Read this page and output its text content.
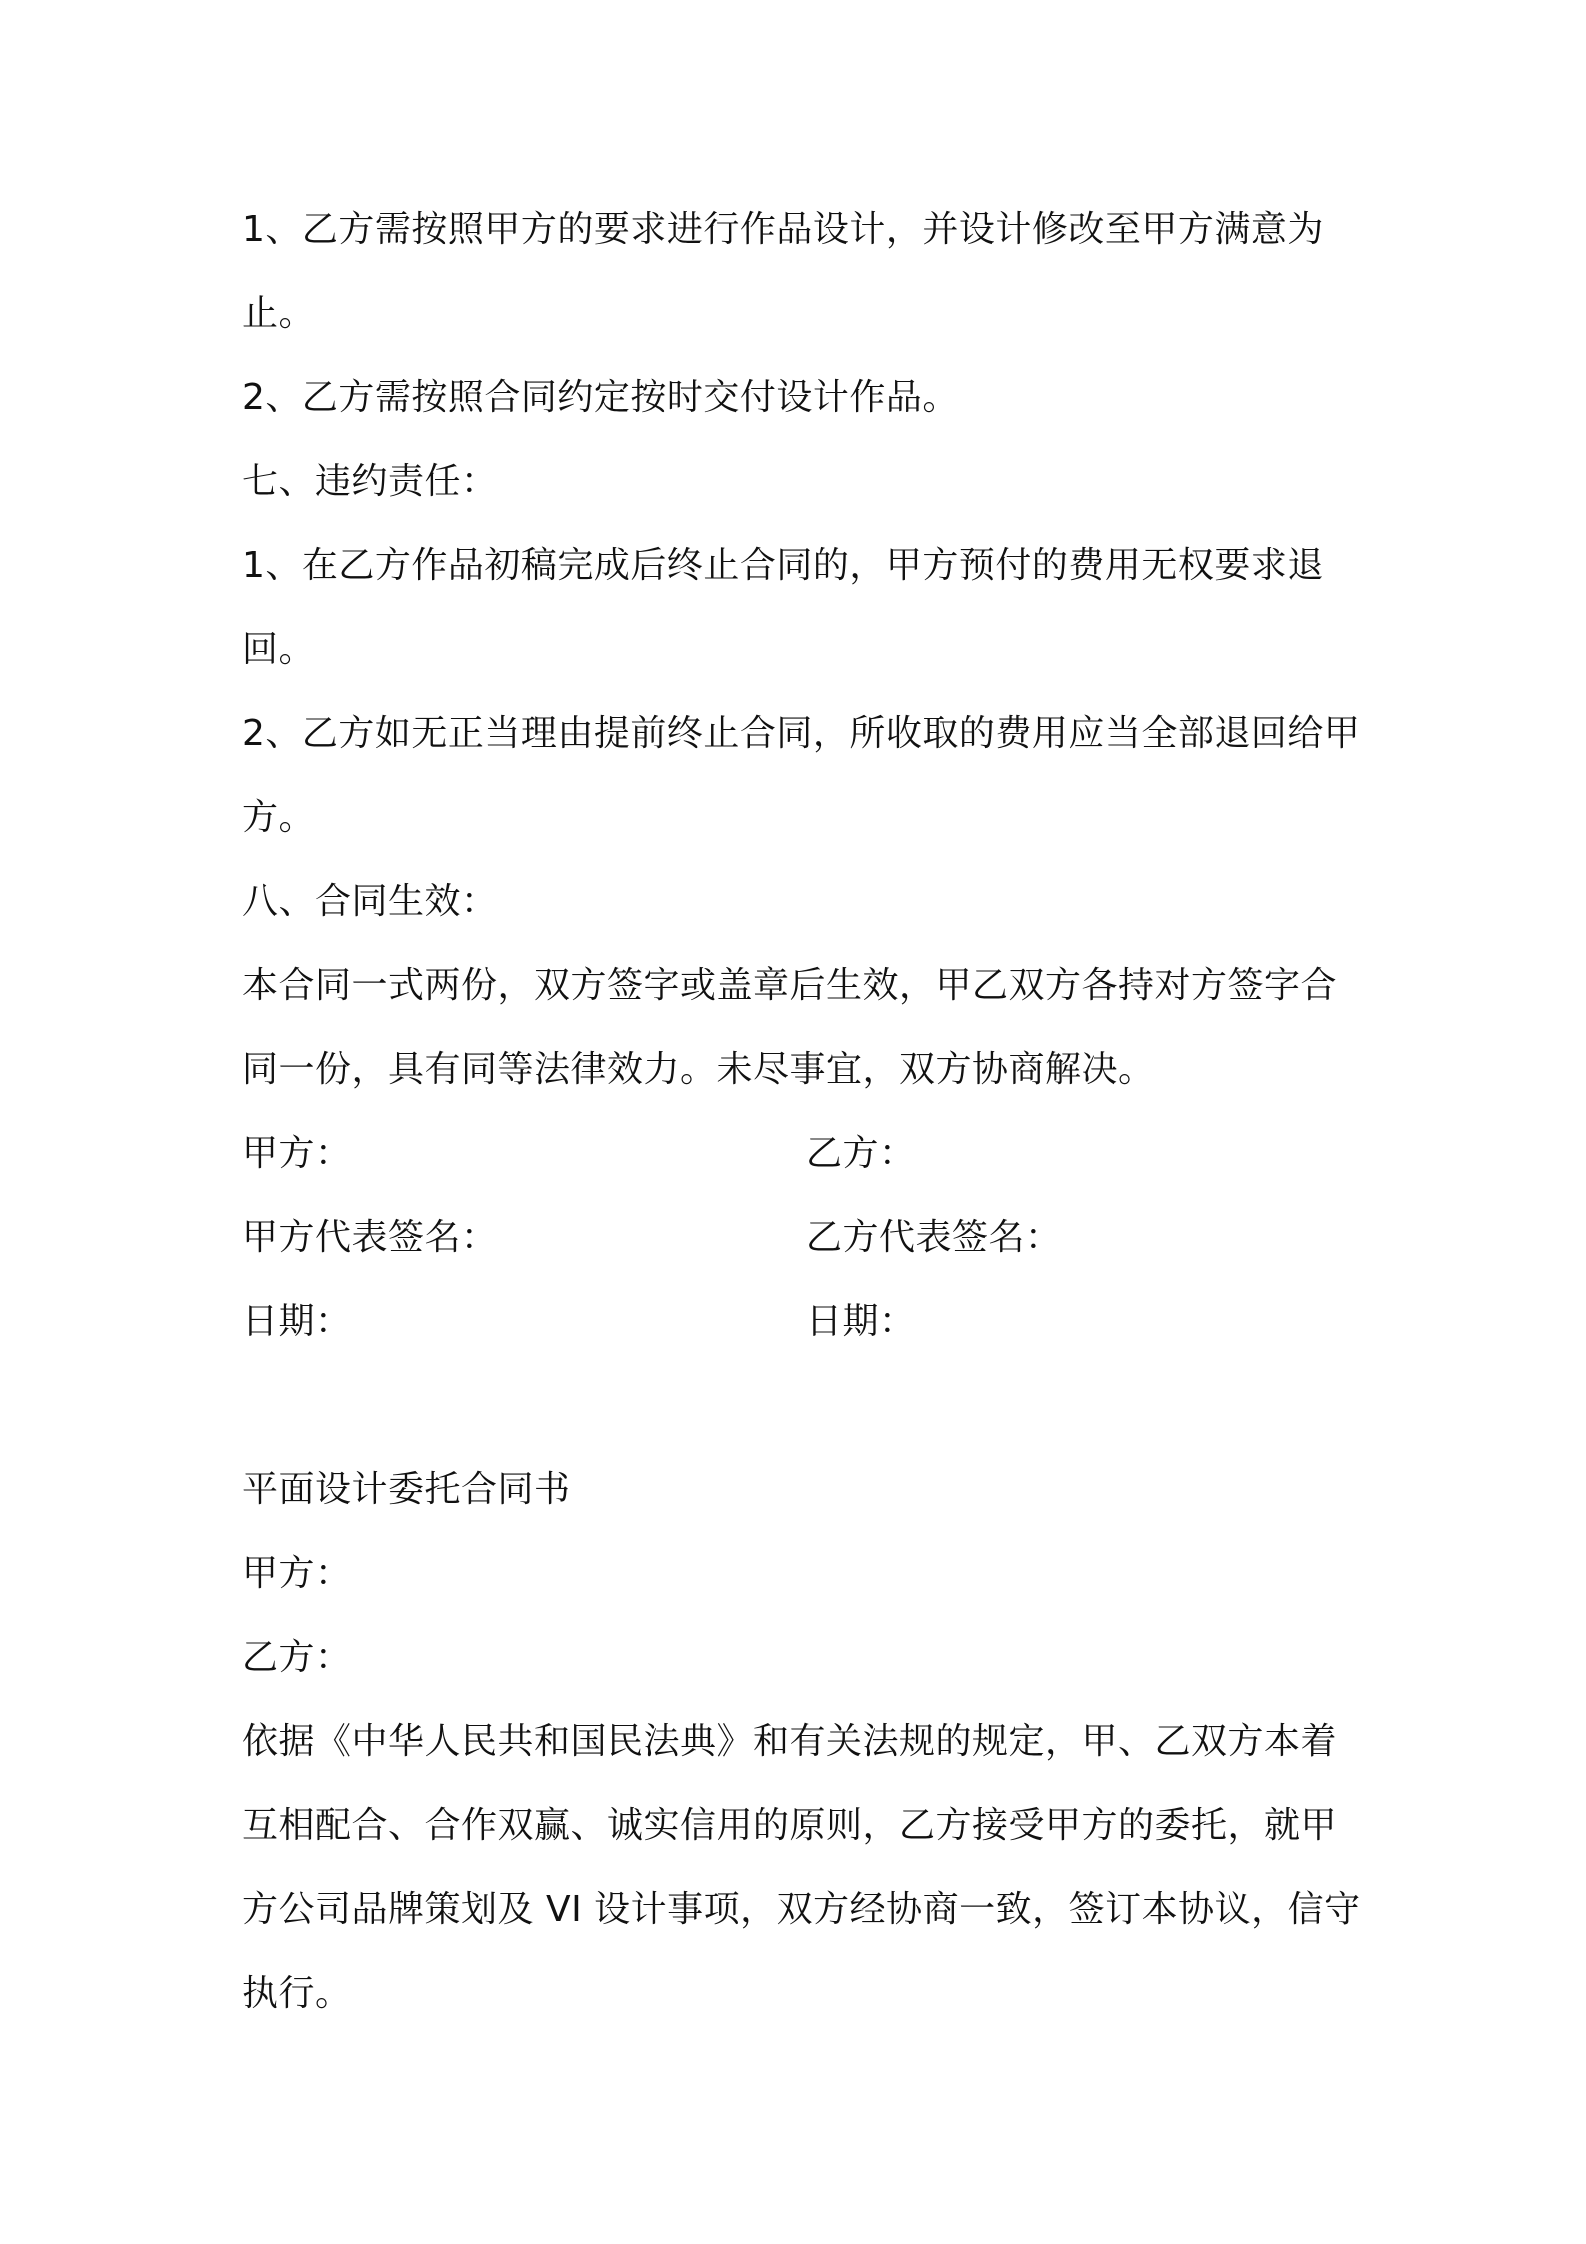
1、乙方需按照甲方的要求进行作品设计，并设计修改至甲方满意为止。
2、乙方需按照合同约定按时交付设计作品。
七、违约责任：
1、在乙方作品初稿完成后终止合同的，甲方预付的费用无权要求退回。
2、乙方如无正当理由提前终止合同，所收取的费用应当全部退回给甲方。
八、合同生效：
本合同一式两份，双方签字或盖章后生效，甲乙双方各持对方签字合同一份，具有同等法律效力。未尽事宜，双方协商解决。
甲方：	乙方：
甲方代表签名：	乙方代表签名：
日期：	日期：
平面设计委托合同书
甲方：
乙方：
依据《中华人民共和国民法典》和有关法规的规定，甲、乙双方本着互相配合、合作双赢、诚实信用的原则，乙方接受甲方的委托，就甲方公司品牌策划及 VI 设计事项，双方经协商一致，签订本协议，信守执行。
